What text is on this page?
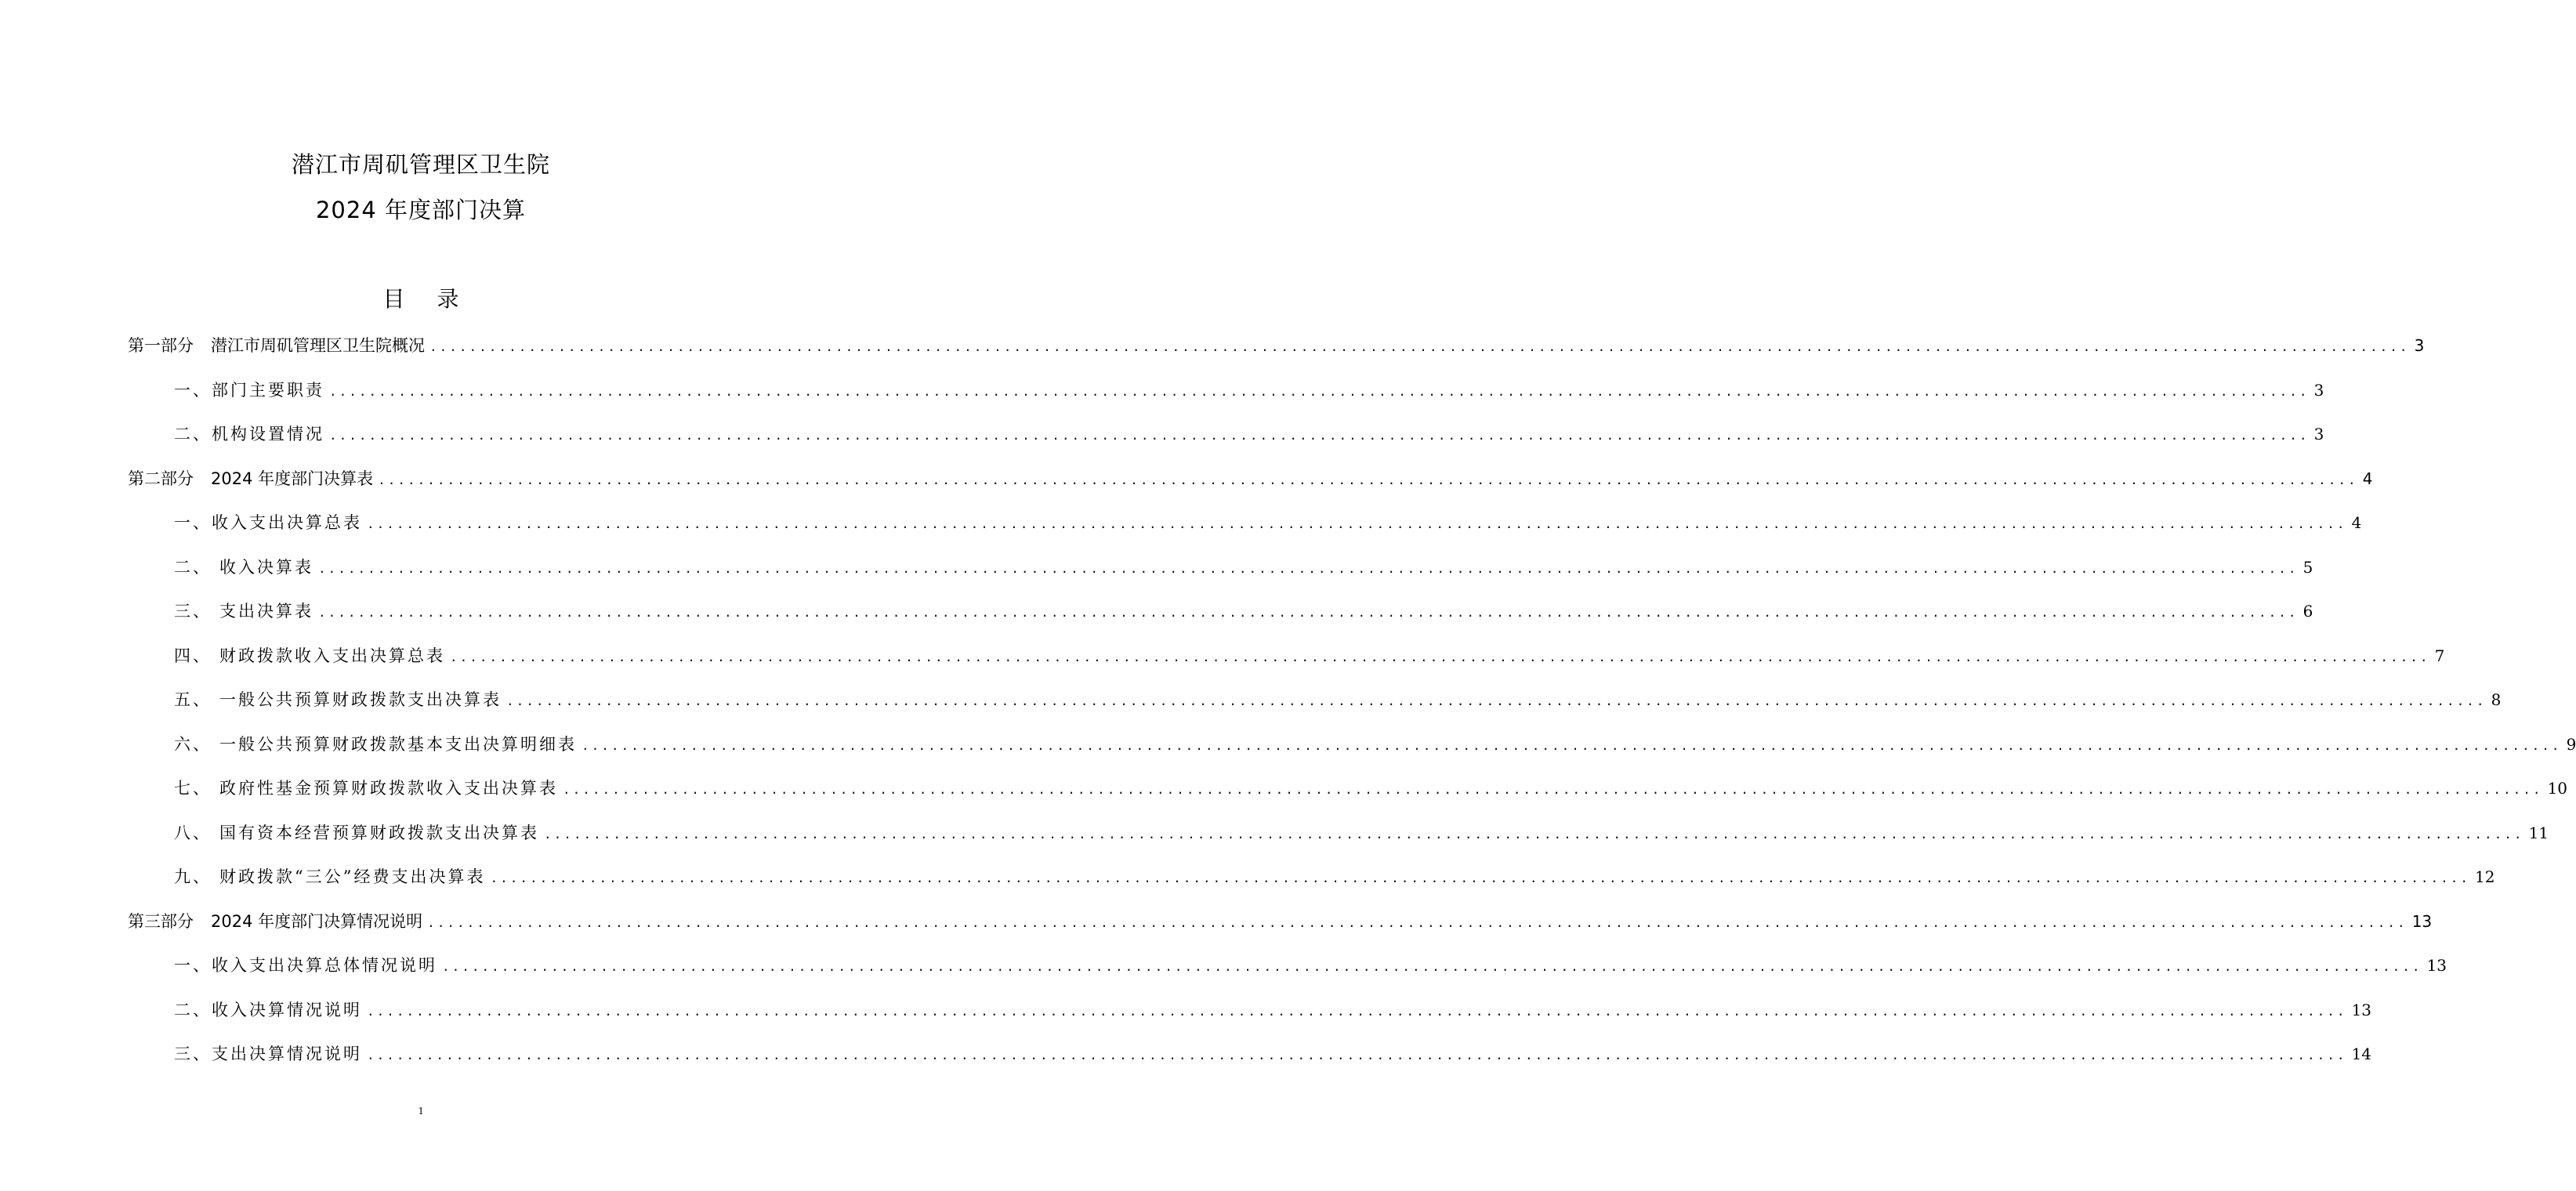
潜江市周矶管理区卫生院
2024 年度部门决算
目 录
第一部分 潜江市周矶管理区卫生院概况 ........................................................................................................................................................................................................ 3
一、部门主要职责 ........................................................................................................................................................................................................ 3
二、机构设置情况 ........................................................................................................................................................................................................ 3
第二部分 2024 年度部门决算表 ........................................................................................................................................................................................................ 4
一、收入支出决算总表 ........................................................................................................................................................................................................ 4
二、 收入决算表 ........................................................................................................................................................................................................ 5
三、 支出决算表 ........................................................................................................................................................................................................ 6
四、 财政拨款收入支出决算总表 ........................................................................................................................................................................................................ 7
五、 一般公共预算财政拨款支出决算表 ........................................................................................................................................................................................................ 8
六、 一般公共预算财政拨款基本支出决算明细表 ........................................................................................................................................................................................................ 9
七、 政府性基金预算财政拨款收入支出决算表 ........................................................................................................................................................................................................ 10
八、 国有资本经营预算财政拨款支出决算表 ........................................................................................................................................................................................................ 11
九、 财政拨款“三公”经费支出决算表 ........................................................................................................................................................................................................ 12
第三部分 2024 年度部门决算情况说明 ........................................................................................................................................................................................................ 13
一、收入支出决算总体情况说明 ........................................................................................................................................................................................................ 13
二、收入决算情况说明 ........................................................................................................................................................................................................ 13
三、支出决算情况说明 ........................................................................................................................................................................................................ 14
1
